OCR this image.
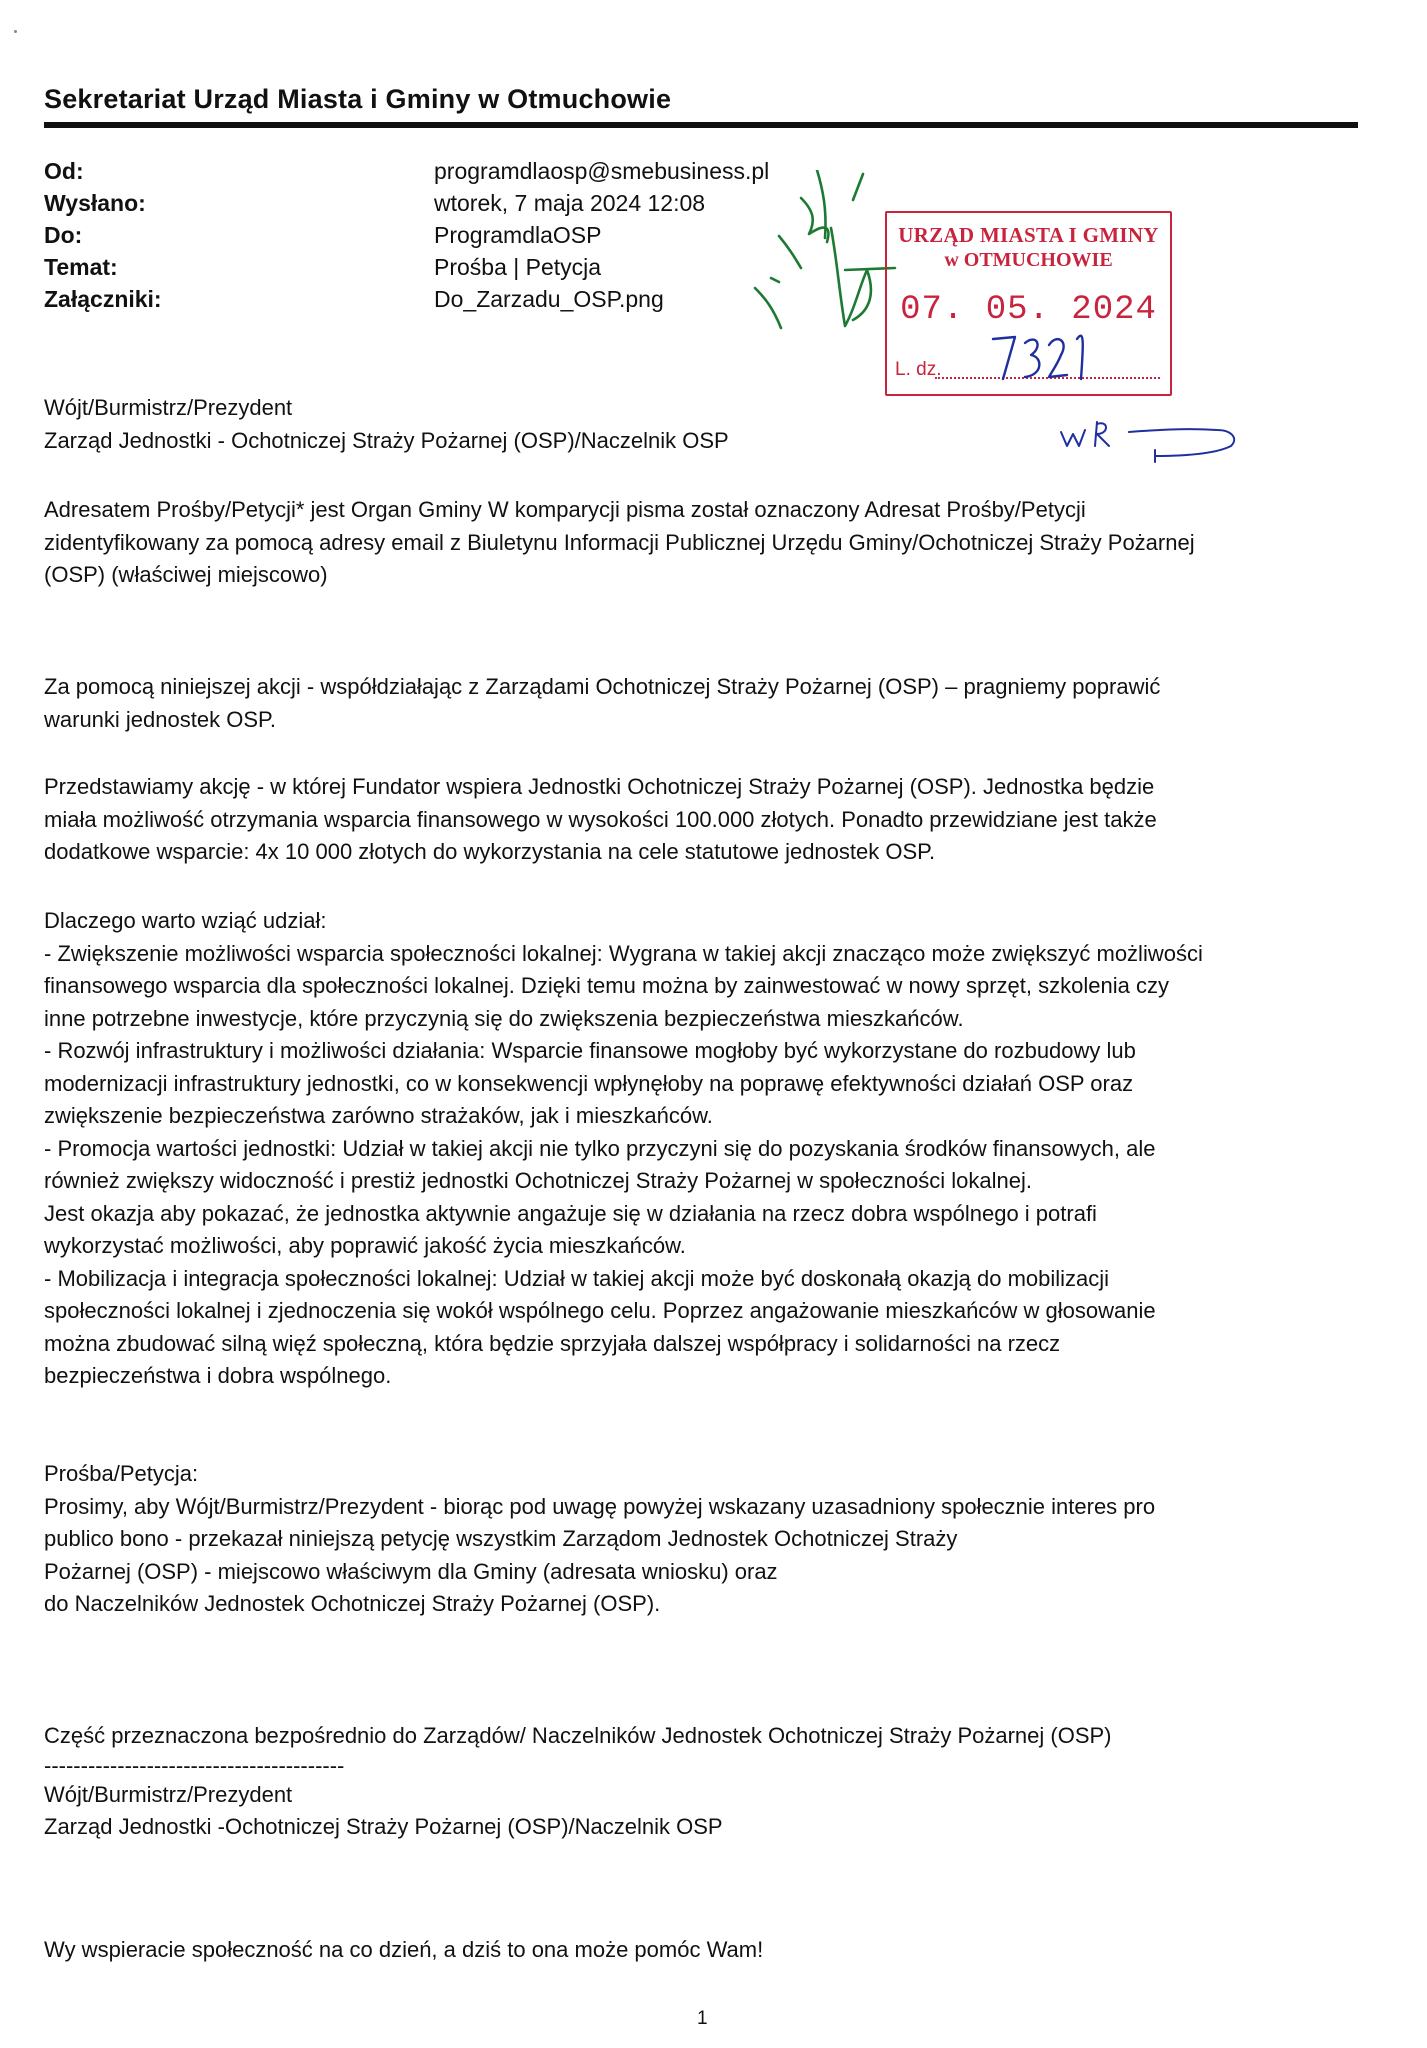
Sekretariat Urząd Miasta i Gminy w Otmuchowie
Od:	programdlaosp@smebusiness.pl
Wysłano:	wtorek, 7 maja 2024 12:08
Do:	ProgramdlaOSP
Temat:	Prośba | Petycja
Załączniki:	Do_Zarzadu_OSP.png
URZĄD MIASTA I GMINY
w OTMUCHOWIE
07. 05. 2024
L. dz.
Wójt/Burmistrz/Prezydent
Zarząd Jednostki - Ochotniczej Straży Pożarnej (OSP)/Naczelnik OSP
Adresatem Prośby/Petycji* jest Organ Gminy W komparycji pisma został oznaczony Adresat Prośby/Petycji
zidentyfikowany za pomocą adresy email z Biuletynu Informacji Publicznej Urzędu Gminy/Ochotniczej Straży Pożarnej
(OSP) (właściwej miejscowo)
Za pomocą niniejszej akcji - współdziałając z Zarządami Ochotniczej Straży Pożarnej (OSP) – pragniemy poprawić
warunki jednostek OSP.
Przedstawiamy akcję - w której Fundator wspiera Jednostki Ochotniczej Straży Pożarnej (OSP). Jednostka będzie
miała możliwość otrzymania wsparcia finansowego w wysokości 100.000 złotych. Ponadto przewidziane jest także
dodatkowe wsparcie: 4x 10 000 złotych do wykorzystania na cele statutowe jednostek OSP.
Dlaczego warto wziąć udział:
- Zwiększenie możliwości wsparcia społeczności lokalnej: Wygrana w takiej akcji znacząco może zwiększyć możliwości
finansowego wsparcia dla społeczności lokalnej. Dzięki temu można by zainwestować w nowy sprzęt, szkolenia czy
inne potrzebne inwestycje, które przyczynią się do zwiększenia bezpieczeństwa mieszkańców.
- Rozwój infrastruktury i możliwości działania: Wsparcie finansowe mogłoby być wykorzystane do rozbudowy lub
modernizacji infrastruktury jednostki, co w konsekwencji wpłynęłoby na poprawę efektywności działań OSP oraz
zwiększenie bezpieczeństwa zarówno strażaków, jak i mieszkańców.
- Promocja wartości jednostki: Udział w takiej akcji nie tylko przyczyni się do pozyskania środków finansowych, ale
również zwiększy widoczność i prestiż jednostki Ochotniczej Straży Pożarnej w społeczności lokalnej.
Jest okazja aby pokazać, że jednostka aktywnie angażuje się w działania na rzecz dobra wspólnego i potrafi
wykorzystać możliwości, aby poprawić jakość życia mieszkańców.
- Mobilizacja i integracja społeczności lokalnej: Udział w takiej akcji może być doskonałą okazją do mobilizacji
społeczności lokalnej i zjednoczenia się wokół wspólnego celu. Poprzez angażowanie mieszkańców w głosowanie
można zbudować silną więź społeczną, która będzie sprzyjała dalszej współpracy i solidarności na rzecz
bezpieczeństwa i dobra wspólnego.
Prośba/Petycja:
Prosimy, aby Wójt/Burmistrz/Prezydent - biorąc pod uwagę powyżej wskazany uzasadniony społecznie interes pro
publico bono - przekazał niniejszą petycję wszystkim Zarządom Jednostek Ochotniczej Straży
Pożarnej (OSP) - miejscowo właściwym dla Gminy (adresata wniosku) oraz
do Naczelników Jednostek Ochotniczej Straży Pożarnej (OSP).
Część przeznaczona bezpośrednio do Zarządów/ Naczelników Jednostek Ochotniczej Straży Pożarnej (OSP)
-----------------------------------------
Wójt/Burmistrz/Prezydent
Zarząd Jednostki -Ochotniczej Straży Pożarnej (OSP)/Naczelnik OSP
Wy wspieracie społeczność na co dzień, a dziś to ona może pomóc Wam!
1
